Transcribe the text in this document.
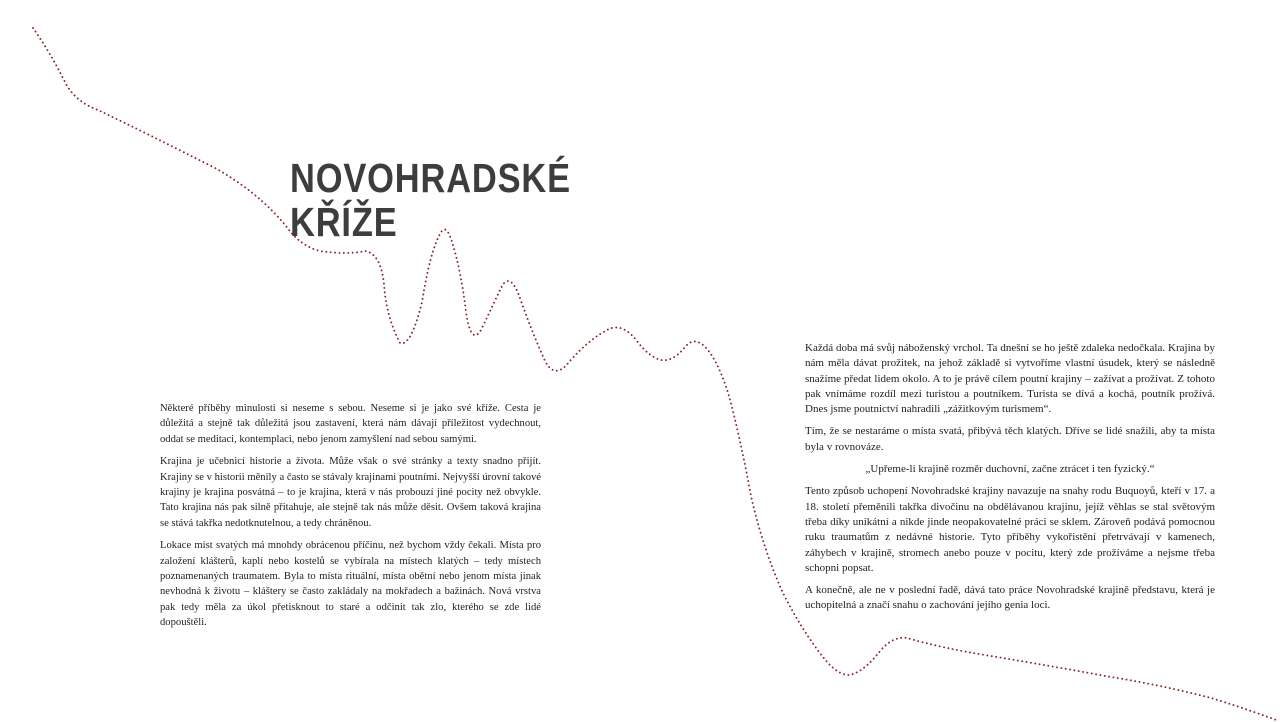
NOVOHRADSKÉ
KŘÍŽE

Některé příběhy minulosti si neseme s sebou. Neseme si je jako své kříže. Cesta je důležitá a stejně tak důležitá jsou zastavení, která nám dávají příležitost vydechnout, oddat se meditaci, kontemplaci, nebo jenom zamyšlení nad sebou samými.

Krajina je učebnicí historie a života. Může však o své stránky a texty snadno přijít. Krajiny se v historii měnily a často se stávaly krajinami poutními. Nejvyšší úrovní takové krajiny je krajina posvátná – to je krajina, která v nás probouzí jiné pocity než obvykle. Tato krajina nás pak silně přitahuje, ale stejně tak nás může děsit. Ovšem taková krajina se stává takřka nedotknutelnou, a tedy chráněnou.

Lokace míst svatých má mnohdy obrácenou příčinu, než bychom vždy čekali. Místa pro založení klášterů, kaplí nebo kostelů se vybírala na místech klatých – tedy místech poznamenaných traumatem. Byla to místa rituální, místa obětní nebo jenom místa jinak nevhodná k životu – kláštery se často zakládaly na mokřadech a bažinách. Nová vrstva pak tedy měla za úkol přetisknout to staré a odčinit tak zlo, kterého se zde lidé dopouštěli.

Každá doba má svůj náboženský vrchol. Ta dnešní se ho ještě zdaleka nedočkala. Krajina by nám měla dávat prožitek, na jehož základě si vytvoříme vlastní úsudek, který se následně snažíme předat lidem okolo. A to je právě cílem poutní krajiny – zažívat a prožívat. Z tohoto pak vnímáme rozdíl mezi turistou a poutníkem. Turista se dívá a kochá, poutník prožívá. Dnes jsme poutnictví nahradili „zážitkovým turismem“.

Tím, že se nestaráme o místa svatá, přibývá těch klatých. Dříve se lidé snažili, aby ta místa byla v rovnováze.

„Upřeme-li krajině rozměr duchovní, začne ztrácet i ten fyzický.“

Tento způsob uchopení Novohradské krajiny navazuje na snahy rodu Buquoyů, kteří v 17. a 18. století přeměnili takřka divočinu na obdělávanou krajinu, jejíž věhlas se stal světovým třeba díky unikátní a nikde jinde neopakovatelné práci se sklem. Zároveň podává pomocnou ruku traumatům z nedávné historie. Tyto příběhy vykořistění přetrvávají v kamenech, záhybech v krajině, stromech anebo pouze v pocitu, který zde prožíváme a nejsme třeba schopni popsat.

A konečně, ale ne v poslední řadě, dává tato práce Novohradské krajině představu, která je uchopitelná a značí snahu o zachování jejího genia loci.
